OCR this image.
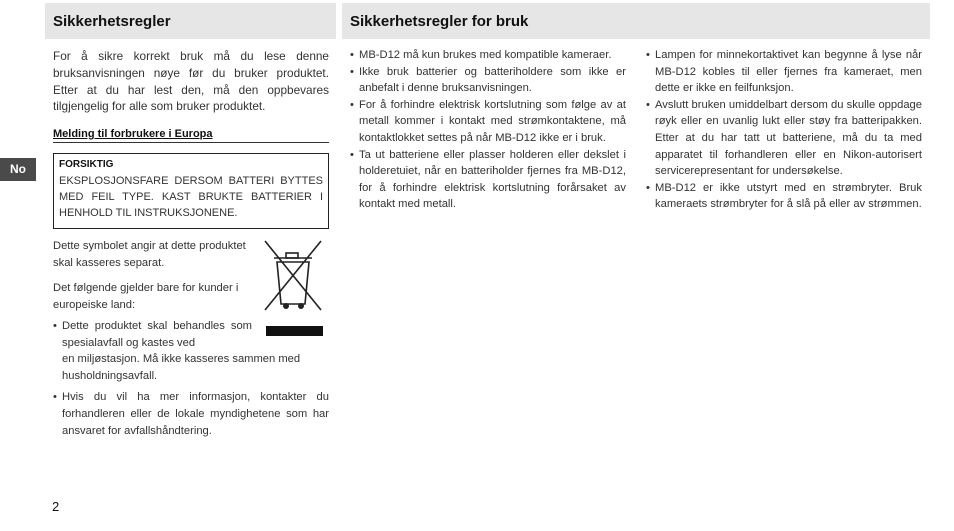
Sikkerhetsregler	Sikkerhetsregler for bruk
No

For å sikre korrekt bruk må du lese denne bruksanvisningen nøye før du bruker produktet. Etter at du har lest den, må den oppbevares tilgjengelig for alle som bruker produktet.

Melding til forbrukere i Europa
FORSIKTIG
EKSPLOSJONSFARE DERSOM BATTERI BYTTES MED FEIL TYPE. KAST BRUKTE BATTERIER I HENHOLD TIL INSTRUKSJONENE.

Dette symbolet angir at dette produktet skal kasseres separat.

Det følgende gjelder bare for kunder i europeiske land:

• Dette produktet skal behandles som spesialavfall og kastes ved
en miljøstasjon. Må ikke kasseres sammen med husholdningsavfall.
• Hvis du vil ha mer informasjon, kontakter du forhandleren eller de lokale myndighetene som har ansvaret for avfallshåndtering.
• MB-D12 må kun brukes med kompatible kameraer.
• Ikke bruk batterier og batteriholdere som ikke er anbefalt i denne bruksanvisningen.
• For å forhindre elektrisk kortslutning som følge av at metall kommer i kontakt med strømkontaktene, må kontaktlokket settes på når MB-D12 ikke er i bruk.
• Ta ut batteriene eller plasser holderen eller dekslet i holderetuiet, når en batteriholder fjernes fra MB-D12, for å forhindre elektrisk kortslutning forårsaket av kontakt med metall.
• Lampen for minnekortaktivet kan begynne å lyse når MB-D12 kobles til eller fjernes fra kameraet, men dette er ikke en feilfunksjon.
• Avslutt bruken umiddelbart dersom du skulle oppdage røyk eller en uvanlig lukt eller støy fra batteripakken. Etter at du har tatt ut batteriene, må du ta med apparatet til forhandleren eller en Nikon-autorisert servicerepresentant for undersøkelse.
• MB-D12 er ikke utstyrt med en strømbryter. Bruk kameraets strømbryter for å slå på eller av strømmen.
2
